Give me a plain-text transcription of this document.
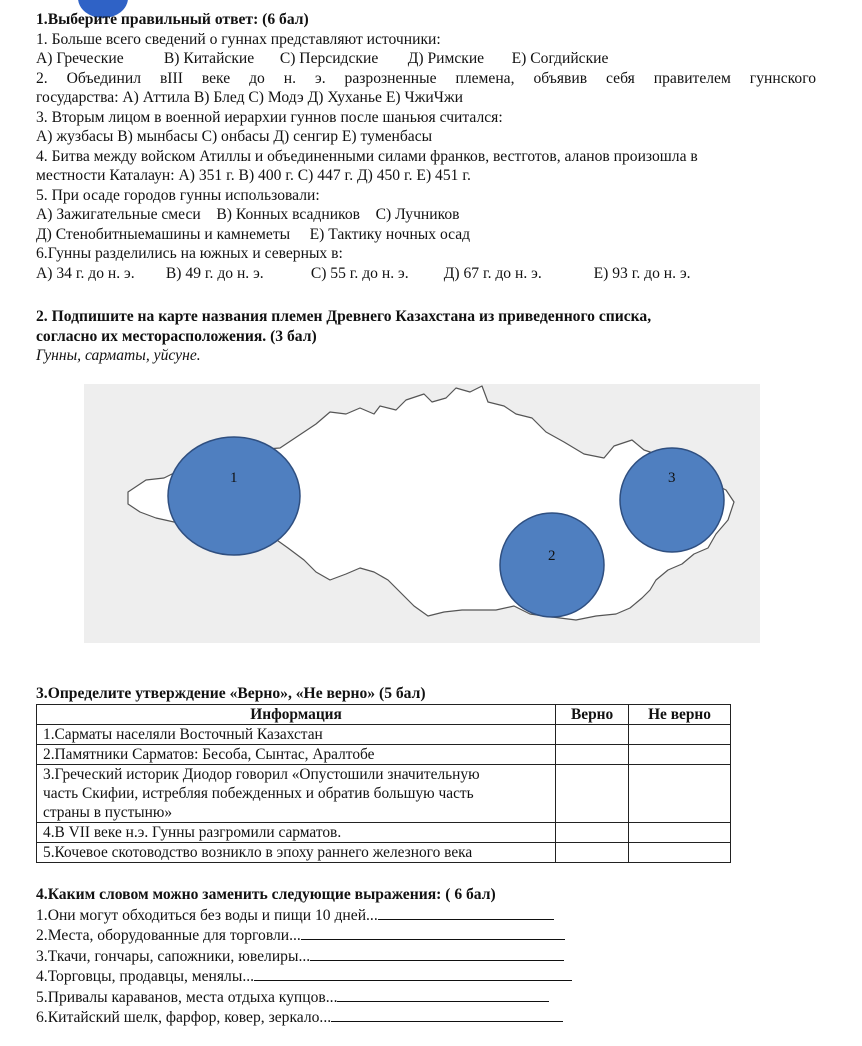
1.Выберите правильный ответ: (6 бал)
1. Больше всего сведений о гуннах представляют источники:
А) Греческие	В) Китайские С) Персидские Д) Римские Е) Согдийские
2. Объединил вIII веке до н. э. разрозненные племена, объявив себя правителем гуннского
государства: А) Аттила В) Блед С) Модэ Д) Хуханье Е) ЧжиЧжи
3. Вторым лицом в военной иерархии гуннов после шаньюя считался:
А) жузбасы В) мынбасы С) онбасы Д) сенгир Е) туменбасы
4. Битва между войском Атиллы и объединенными силами франков, вестготов, аланов произошла в
местности Каталаун: А) 351 г. В) 400 г. С) 447 г. Д) 450 г. Е) 451 г.
5. При осаде городов гунны использовали:
А) Зажигательные смеси    В) Конных всадников    С) Лучников
Д) Стенобитныемашины и камнеметы     Е) Тактику ночных осад
6.Гунны разделились на южных и северных в:
А) 34 г. до н. э. В) 49 г. до н. э.	С) 55 г. до н. э. Д) 67 г. до н. э.	Е) 93 г. до н. э.
2. Подпишите на карте названия племен Древнего Казахстана из приведенного списка,
согласно их месторасположения. (3 бал)
Гунны, сарматы, уйсуне.
1
2
3
3.Определите утверждение «Верно», «Не верно» (5 бал)
Информация	Верно	Не верно
1.Сарматы населяли Восточный Казахстан		
2.Памятники Сарматов: Бесоба, Сынтас, Аралтобе		

3.Греческий историк Диодор говорил «Опустошили значительную
часть Скифии, истребляя побежденных и обратив большую часть
страны в пустыню»		

4.В VII веке н.э. Гунны разгромили сарматов.		
5.Кочевое скотоводство возникло в эпоху раннего железного века		
4.Каким словом можно заменить следующие выражения: ( 6 бал)
1.Они могут обходиться без воды и пищи 10 дней...
2.Места, оборудованные для торговли...
3.Ткачи, гончары, сапожники, ювелиры...
4.Торговцы, продавцы, менялы...
5.Привалы караванов, места отдыха купцов...
6.Китайский шелк, фарфор, ковер, зеркало...
